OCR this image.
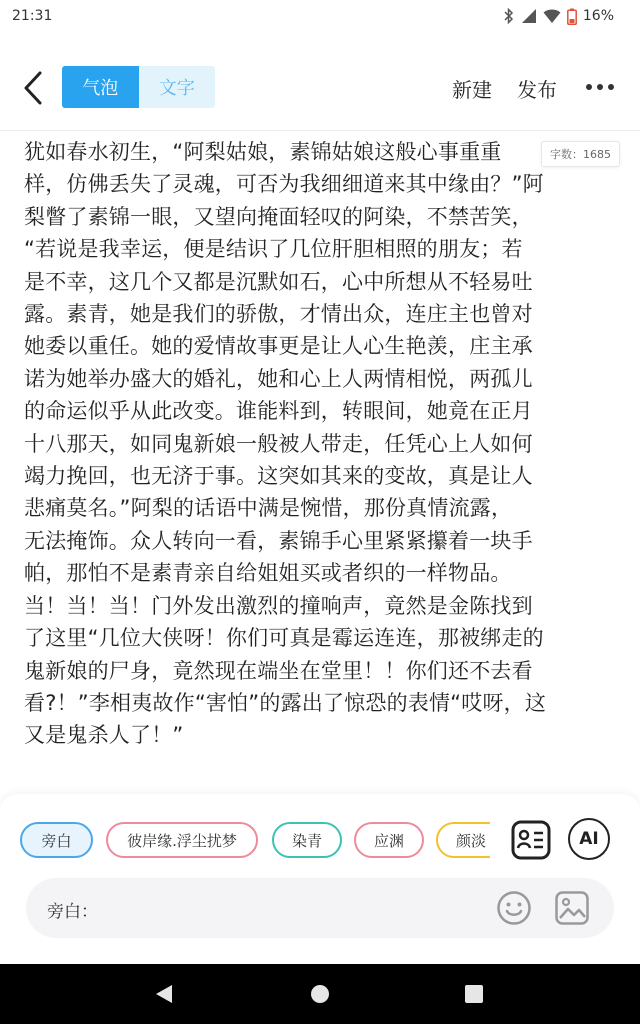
21:31	16%
气泡	文字	新建 发布

犹如春水初生，“阿梨姑娘，素锦姑娘这般心事重重

样，仿佛丢失了灵魂，可否为我细细道来其中缘由？”阿

梨瞥了素锦一眼，又望向掩面轻叹的阿染，不禁苦笑，

“若说是我幸运，便是结识了几位肝胆相照的朋友；若

是不幸，这几个又都是沉默如石，心中所想从不轻易吐

露。素青，她是我们的骄傲，才情出众，连庄主也曾对

她委以重任。她的爱情故事更是让人心生艳羡，庄主承

诺为她举办盛大的婚礼，她和心上人两情相悦，两孤儿

的命运似乎从此改变。谁能料到，转眼间，她竟在正月

十八那天，如同鬼新娘一般被人带走，任凭心上人如何

竭力挽回，也无济于事。这突如其来的变故，真是让人

悲痛莫名。”阿梨的话语中满是惋惜，那份真情流露，

无法掩饰。众人转向一看，素锦手心里紧紧攥着一块手

帕，那怕不是素青亲自给姐姐买或者织的一样物品。

当！当！当！门外发出激烈的撞响声，竟然是金陈找到

了这里“几位大侠呀！你们可真是霉运连连，那被绑走的

鬼新娘的尸身，竟然现在端坐在堂里！！你们还不去看

看?！”李相夷故作“害怕”的露出了惊恐的表情“哎呀，这

又是鬼杀人了！”

字数：1685
旁白	彼岸缘.浮尘扰梦	染青	应渊	颜淡	AI
旁白：
